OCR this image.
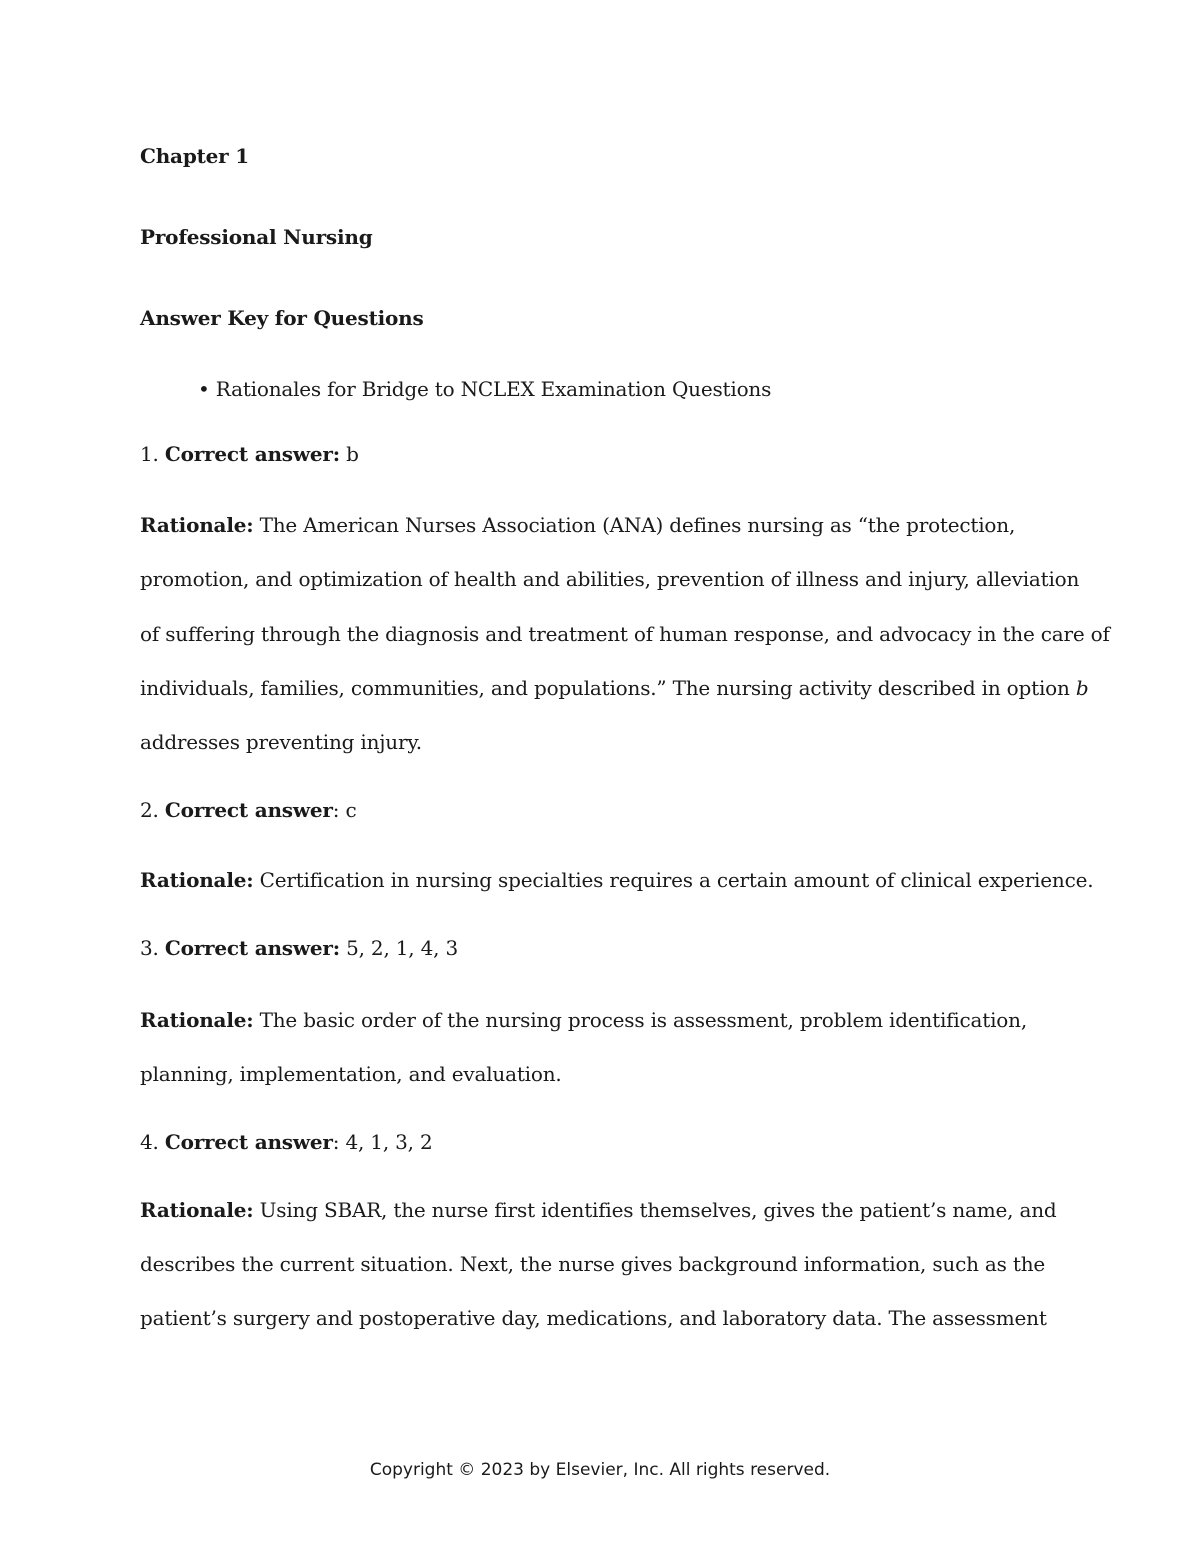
Chapter 1
Professional Nursing
Answer Key for Questions
• Rationales for Bridge to NCLEX Examination Questions
1. Correct answer: b
Rationale: The American Nurses Association (ANA) defines nursing as “the protection,
promotion, and optimization of health and abilities, prevention of illness and injury, alleviation
of suffering through the diagnosis and treatment of human response, and advocacy in the care of
individuals, families, communities, and populations.” The nursing activity described in option b
addresses preventing injury.
2. Correct answer: c
Rationale: Certification in nursing specialties requires a certain amount of clinical experience.
3. Correct answer: 5, 2, 1, 4, 3
Rationale: The basic order of the nursing process is assessment, problem identification,
planning, implementation, and evaluation.
4. Correct answer: 4, 1, 3, 2
Rationale: Using SBAR, the nurse first identifies themselves, gives the patient’s name, and
describes the current situation. Next, the nurse gives background information, such as the
patient’s surgery and postoperative day, medications, and laboratory data. The assessment
Copyright © 2023 by Elsevier, Inc. All rights reserved.
